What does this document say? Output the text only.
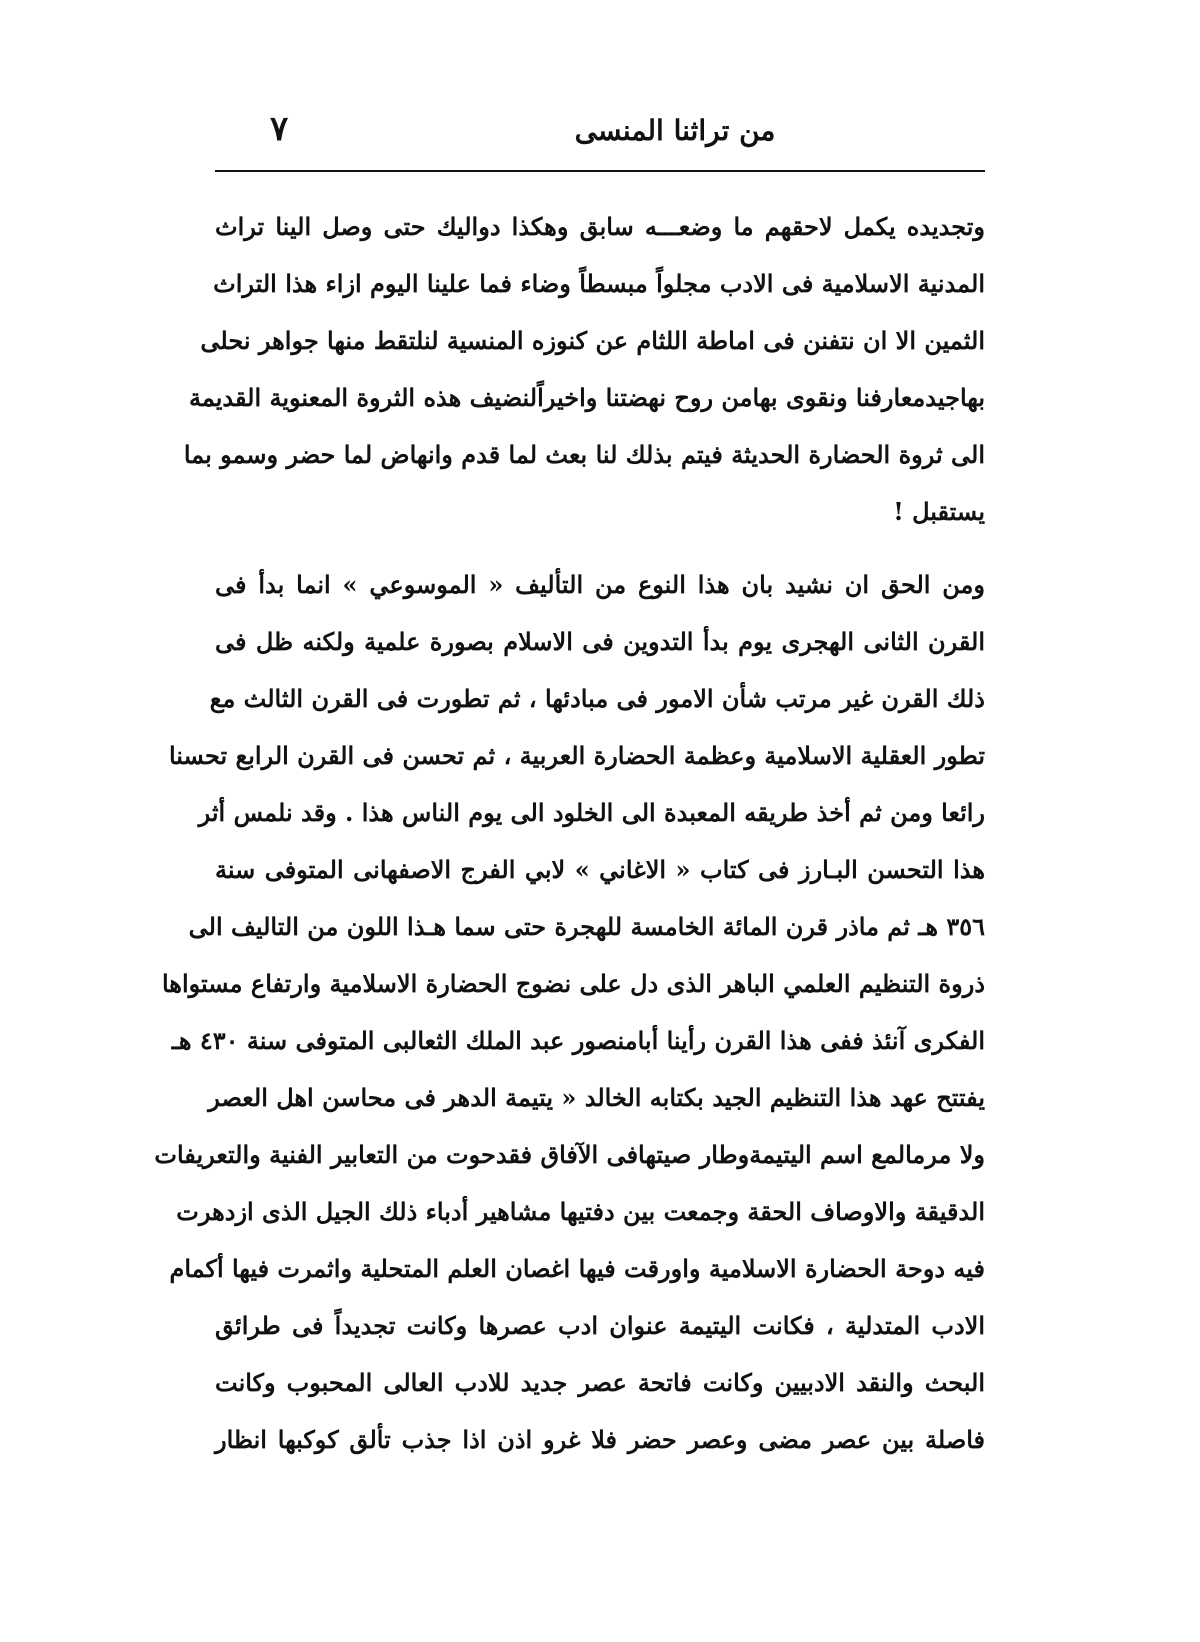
٧	من تراثنا المنسى
وتجديده يكمل لاحقهم ما وضعـــه سابق وهكذا دواليك حتى وصل الينا تراث
المدنية الاسلامية فى الادب مجلواً مبسطاً وضاء فما علينا اليوم ازاء هذا التراث
الثمين الا ان نتفنن فى اماطة اللثام عن كنوزه المنسية لنلتقط منها جواهر نحلى
بهاجيدمعارفنا ونقوى بهامن روح نهضتنا واخيراًلنضيف هذه الثروة المعنوية القديمة
الى ثروة الحضارة الحديثة فيتم بذلك لنا بعث لما قدم وانهاض لما حضر وسمو بما
يستقبل !
ومن الحق ان نشيد بان هذا النوع من التأليف « الموسوعي » انما بدأ فى
القرن الثانى الهجرى يوم بدأ التدوين فى الاسلام بصورة علمية ولكنه ظل فى
ذلك القرن غير مرتب شأن الامور فى مبادئها ، ثم تطورت فى القرن الثالث مع
تطور العقلية الاسلامية وعظمة الحضارة العربية ، ثم تحسن فى القرن الرابع تحسنا
رائعا ومن ثم أخذ طريقه المعبدة الى الخلود الى يوم الناس هذا . وقد نلمس أثر
هذا التحسن البـارز فى كتاب « الاغاني » لابي الفرج الاصفهانى المتوفى سنة
٣٥٦ هـ ثم ماذر قرن المائة الخامسة للهجرة حتى سما هـذا اللون من التاليف الى
ذروة التنظيم العلمي الباهر الذى دل على نضوج الحضارة الاسلامية وارتفاع مستواها
الفكرى آنئذ ففى هذا القرن رأينا أبامنصور عبد الملك الثعالبى المتوفى سنة ٤٣٠ هـ
يفتتح عهد هذا التنظيم الجيد بكتابه الخالد « يتيمة الدهر فى محاسن اهل العصر
ولا مرمالمع اسم اليتيمةوطار صيتهافى الآفاق فقدحوت من التعابير الفنية والتعريفات
الدقيقة والاوصاف الحقة وجمعت بين دفتيها مشاهير أدباء ذلك الجيل الذى ازدهرت
فيه دوحة الحضارة الاسلامية واورقت فيها اغصان العلم المتحلية واثمرت فيها أكمام
الادب المتدلية ، فكانت اليتيمة عنوان ادب عصرها وكانت تجديداً فى طرائق
البحث والنقد الادبيين وكانت فاتحة عصر جديد للادب العالى المحبوب وكانت
فاصلة بين عصر مضى وعصر حضر فلا غرو اذن اذا جذب تألق كوكبها انظار
